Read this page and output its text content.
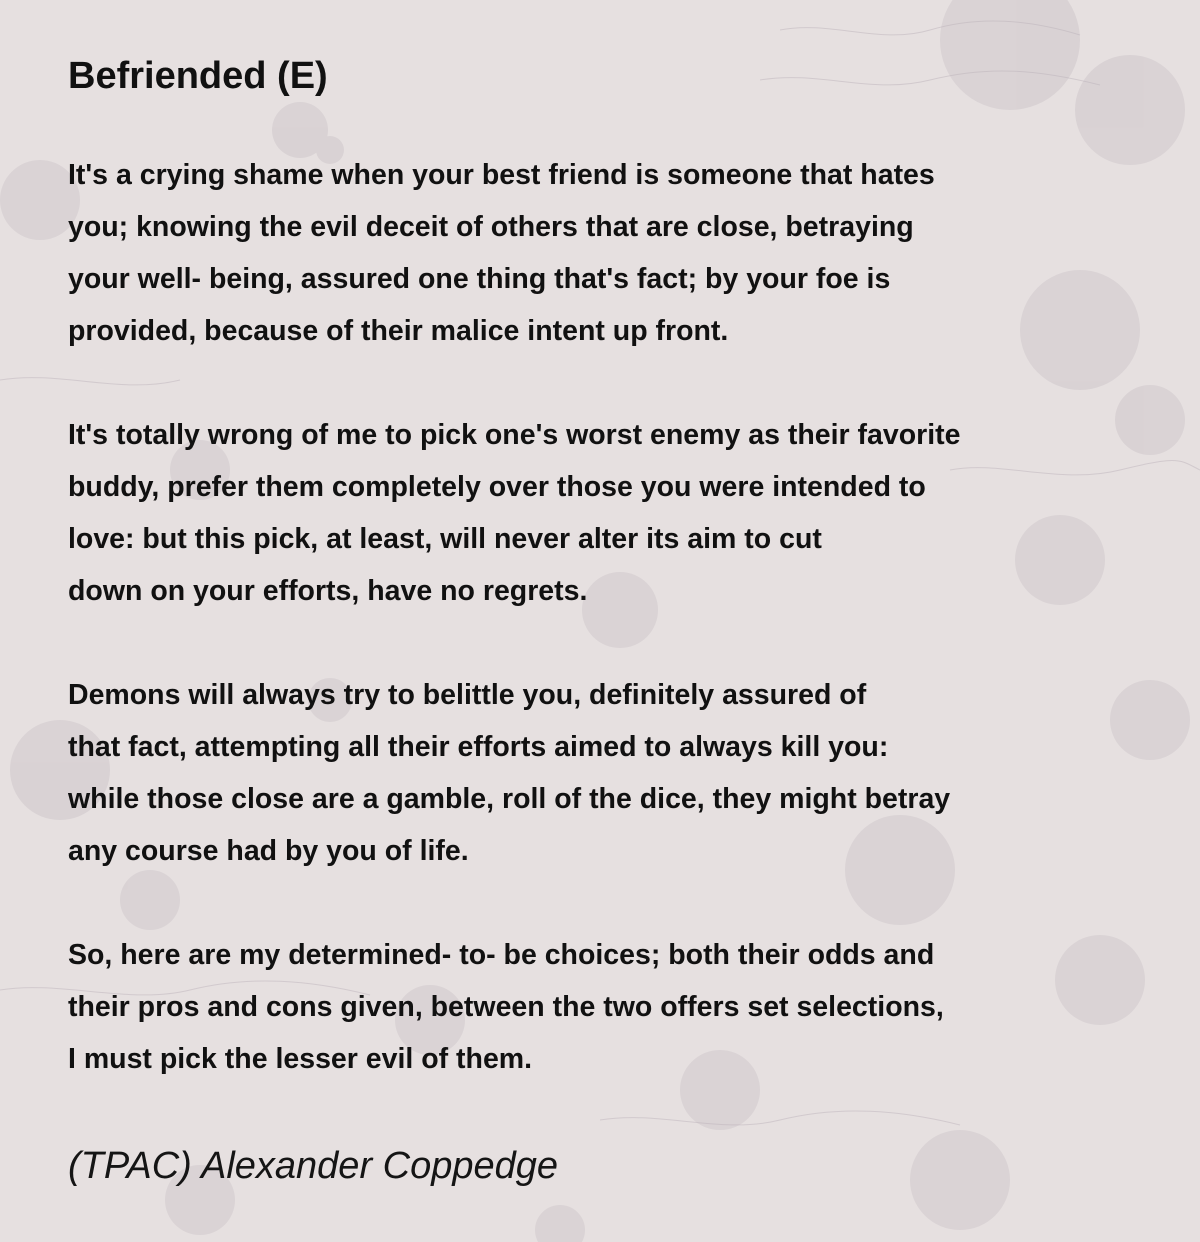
Befriended (E)

It's a crying shame when your best friend is someone that hates
you; knowing the evil deceit of others that are close, betraying
your well- being, assured one thing that's fact; by your foe is
provided, because of their malice intent up front.

It's totally wrong of me to pick one's worst enemy as their favorite
buddy, prefer them completely over those you were intended to
love: but this pick, at least, will never alter its aim to cut
down on your efforts, have no regrets.

Demons will always try to belittle you, definitely assured of
that fact, attempting all their efforts aimed to always kill you:
while those close are a gamble, roll of the dice, they might betray
any course had by you of life.

So, here are my determined- to- be choices; both their odds and
their pros and cons given, between the two offers set selections,
I must pick the lesser evil of them.

(TPAC) Alexander Coppedge
